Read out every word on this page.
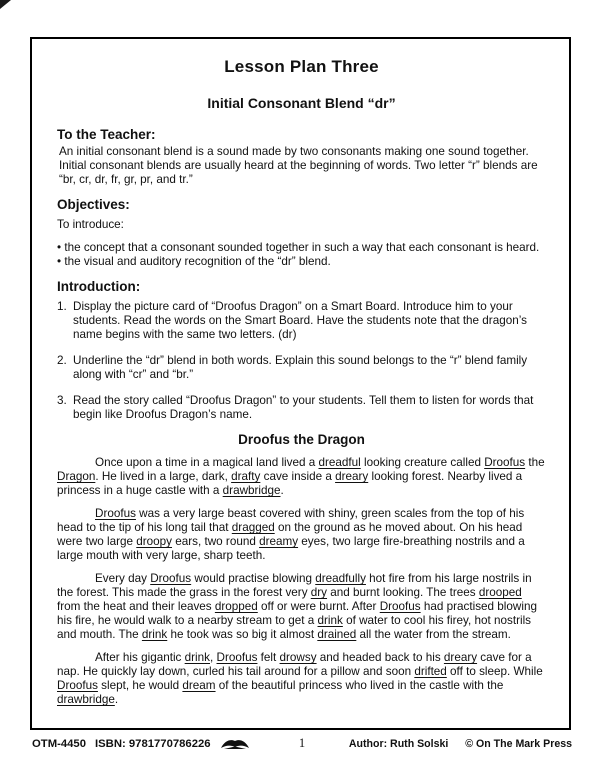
Lesson Plan Three
Initial Consonant Blend “dr”
To the Teacher:

An initial consonant blend is a sound made by two consonants making one sound together. Initial consonant blends are usually heard at the beginning of words. Two letter “r” blends are “br, cr, dr, fr, gr, pr, and tr.”

Objectives:

To introduce:

• the concept that a consonant sounded together in such a way that each consonant is heard.

• the visual and auditory recognition of the “dr” blend.

Introduction:
1. Display the picture card of “Droofus Dragon” on a Smart Board. Introduce him to your students. Read the words on the Smart Board. Have the students note that the dragon’s name begins with the same two letters. (dr)
2. Underline the “dr” blend in both words. Explain this sound belongs to the “r” blend family along with “cr” and “br.”
3. Read the story called “Droofus Dragon” to your students. Tell them to listen for words that begin like Droofus Dragon’s name.
Droofus the Dragon

Once upon a time in a magical land lived a dreadful looking creature called Droofus the Dragon. He lived in a large, dark, drafty cave inside a dreary looking forest. Nearby lived a princess in a huge castle with a drawbridge.

Droofus was a very large beast covered with shiny, green scales from the top of his head to the tip of his long tail that dragged on the ground as he moved about. On his head were two large droopy ears, two round dreamy eyes, two large fire-breathing nostrils and a large mouth with very large, sharp teeth.

Every day Droofus would practise blowing dreadfully hot fire from his large nostrils in the forest. This made the grass in the forest very dry and burnt looking. The trees drooped from the heat and their leaves dropped off or were burnt. After Droofus had practised blowing his fire, he would walk to a nearby stream to get a drink of water to cool his firey, hot nostrils and mouth. The drink he took was so big it almost drained all the water from the stream.

After his gigantic drink, Droofus felt drowsy and headed back to his dreary cave for a nap. He quickly lay down, curled his tail around for a pillow and soon drifted off to sleep. While Droofus slept, he would dream of the beautiful princess who lived in the castle with the drawbridge.

OTM-4450 ISBN: 9781770786226	1	Author: Ruth Solski © On The Mark Press
